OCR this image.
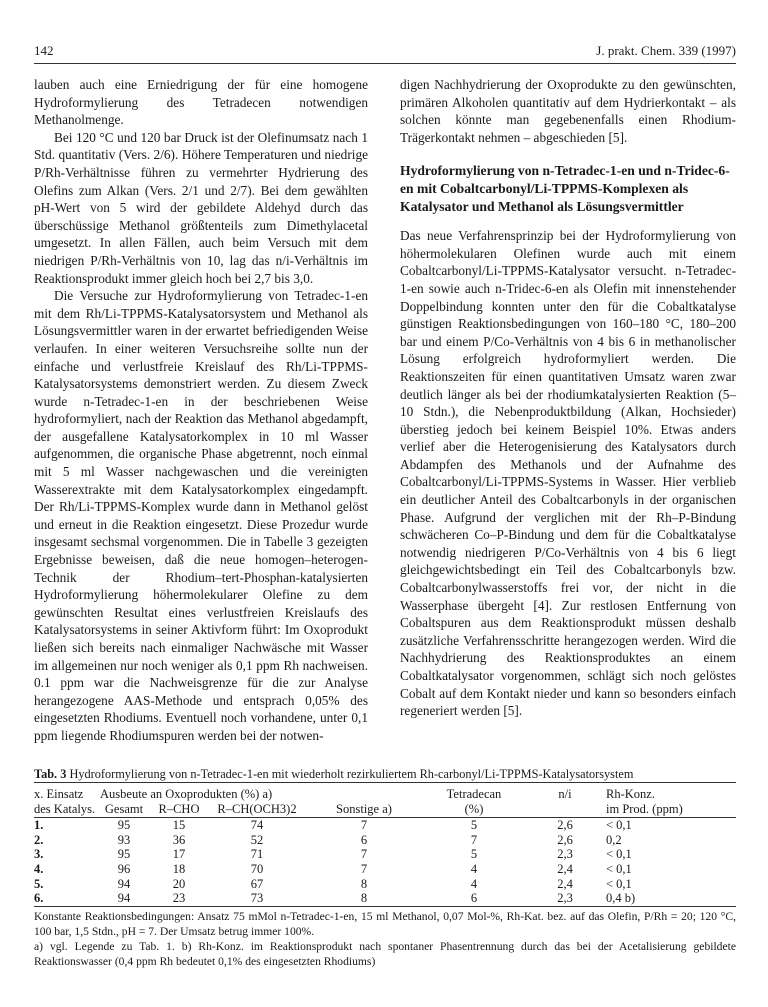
142	J. prakt. Chem. 339 (1997)

lauben auch eine Erniedrigung der für eine homogene Hydroformylierung des Tetradecen notwendigen Methanolmenge.

Bei 120 °C und 120 bar Druck ist der Olefinumsatz nach 1 Std. quantitativ (Vers. 2/6). Höhere Temperaturen und niedrige P/Rh-Verhältnisse führen zu vermehrter Hydrierung des Olefins zum Alkan (Vers. 2/1 und 2/7). Bei dem gewählten pH-Wert von 5 wird der gebildete Aldehyd durch das überschüssige Methanol größtenteils zum Dimethylacetal umgesetzt. In allen Fällen, auch beim Versuch mit dem niedrigen P/Rh-Verhältnis von 10, lag das n/i-Verhältnis im Reaktionsprodukt immer gleich hoch bei 2,7 bis 3,0.

Die Versuche zur Hydroformylierung von Tetradec-1-en mit dem Rh/Li-TPPMS-Katalysatorsystem und Methanol als Lösungsvermittler waren in der erwartet befriedigenden Weise verlaufen. In einer weiteren Versuchsreihe sollte nun der einfache und verlustfreie Kreislauf des Rh/Li-TPPMS-Katalysatorsystems demonstriert werden. Zu diesem Zweck wurde n-Tetradec-1-en in der beschriebenen Weise hydroformyliert, nach der Reaktion das Methanol abgedampft, der ausgefallene Katalysatorkomplex in 10 ml Wasser aufgenommen, die organische Phase abgetrennt, noch einmal mit 5 ml Wasser nachgewaschen und die vereinigten Wasserextrakte mit dem Katalysatorkomplex eingedampft. Der Rh/Li-TPPMS-Komplex wurde dann in Methanol gelöst und erneut in die Reaktion eingesetzt. Diese Prozedur wurde insgesamt sechsmal vorgenommen. Die in Tabelle 3 gezeigten Ergebnisse beweisen, daß die neue homogen–heterogen-Technik der Rhodium–tert-Phosphan-katalysierten Hydroformylierung höhermolekularer Olefine zu dem gewünschten Resultat eines verlustfreien Kreislaufs des Katalysatorsystems in seiner Aktivform führt: Im Oxoprodukt ließen sich bereits nach einmaliger Nachwäsche mit Wasser im allgemeinen nur noch weniger als 0,1 ppm Rh nachweisen. 0.1 ppm war die Nachweisgrenze für die zur Analyse herangezogene AAS-Methode und entsprach 0,05% des eingesetzten Rhodiums. Eventuell noch vorhandene, unter 0,1 ppm liegende Rhodiumspuren werden bei der notwen-

digen Nachhydrierung der Oxoprodukte zu den gewünschten, primären Alkoholen quantitativ auf dem Hydrierkontakt – als solchen könnte man gegebenenfalls einen Rhodium-Trägerkontakt nehmen – abgeschieden [5].

Hydroformylierung von n-Tetradec-1-en und n-Tridec-6-en mit Cobaltcarbonyl/Li-TPPMS-Komplexen als Katalysator und Methanol als Lösungsvermittler

Das neue Verfahrensprinzip bei der Hydroformylierung von höhermolekularen Olefinen wurde auch mit einem Cobaltcarbonyl/Li-TPPMS-Katalysator versucht. n-Tetradec-1-en sowie auch n-Tridec-6-en als Olefin mit innenstehender Doppelbindung konnten unter den für die Cobaltkatalyse günstigen Reaktionsbedingungen von 160–180 °C, 180–200 bar und einem P/Co-Verhältnis von 4 bis 6 in methanolischer Lösung erfolgreich hydroformyliert werden. Die Reaktionszeiten für einen quantitativen Umsatz waren zwar deutlich länger als bei der rhodiumkatalysierten Reaktion (5–10 Stdn.), die Nebenproduktbildung (Alkan, Hochsieder) überstieg jedoch bei keinem Beispiel 10%. Etwas anders verlief aber die Heterogenisierung des Katalysators durch Abdampfen des Methanols und der Aufnahme des Cobaltcarbonyl/Li-TPPMS-Systems in Wasser. Hier verblieb ein deutlicher Anteil des Cobaltcarbonyls in der organischen Phase. Aufgrund der verglichen mit der Rh–P-Bindung schwächeren Co–P-Bindung und dem für die Cobaltkatalyse notwendig niedrigeren P/Co-Verhältnis von 4 bis 6 liegt gleichgewichtsbedingt ein Teil des Cobaltcarbonyls bzw. Cobaltcarbonylwasserstoffs frei vor, der nicht in die Wasserphase übergeht [4]. Zur restlosen Entfernung von Cobaltspuren aus dem Reaktionsprodukt müssen deshalb zusätzliche Verfahrensschritte herangezogen werden. Wird die Nachhydrierung des Reaktionsproduktes an einem Cobaltkatalysator vorgenommen, schlägt sich noch gelöstes Cobalt auf dem Kontakt nieder und kann so besonders einfach regeneriert werden [5].

Tab. 3 Hydroformylierung von n-Tetradec-1-en mit wiederholt rezirkuliertem Rh-carbonyl/Li-TPPMS-Katalysatorsystem
x. Einsatz	Ausbeute an Oxoprodukten (%) a)				Tetradecan	n/i	Rh-Konz.
des Katalys.	Gesamt	R–CHO	R–CH(OCH3)2	Sonstige a)	(%)		im Prod. (ppm)
1.	95	15	74	7	5	2,6	< 0,1
2.	93	36	52	6	7	2,6	0,2
3.	95	17	71	7	5	2,3	< 0,1
4.	96	18	70	7	4	2,4	< 0,1
5.	94	20	67	8	4	2,4	< 0,1
6.	94	23	73	8	6	2,3	0,4 b)

Konstante Reaktionsbedingungen: Ansatz 75 mMol n-Tetradec-1-en, 15 ml Methanol, 0,07 Mol-%, Rh-Kat. bez. auf das Olefin, P/Rh = 20; 120 °C, 100 bar, 1,5 Stdn., pH = 7. Der Umsatz betrug immer 100%.

a) vgl. Legende zu Tab. 1. b) Rh-Konz. im Reaktionsprodukt nach spontaner Phasentrennung durch das bei der Acetalisierung gebildete Reaktionswasser (0,4 ppm Rh bedeutet 0,1% des eingesetzten Rhodiums)
